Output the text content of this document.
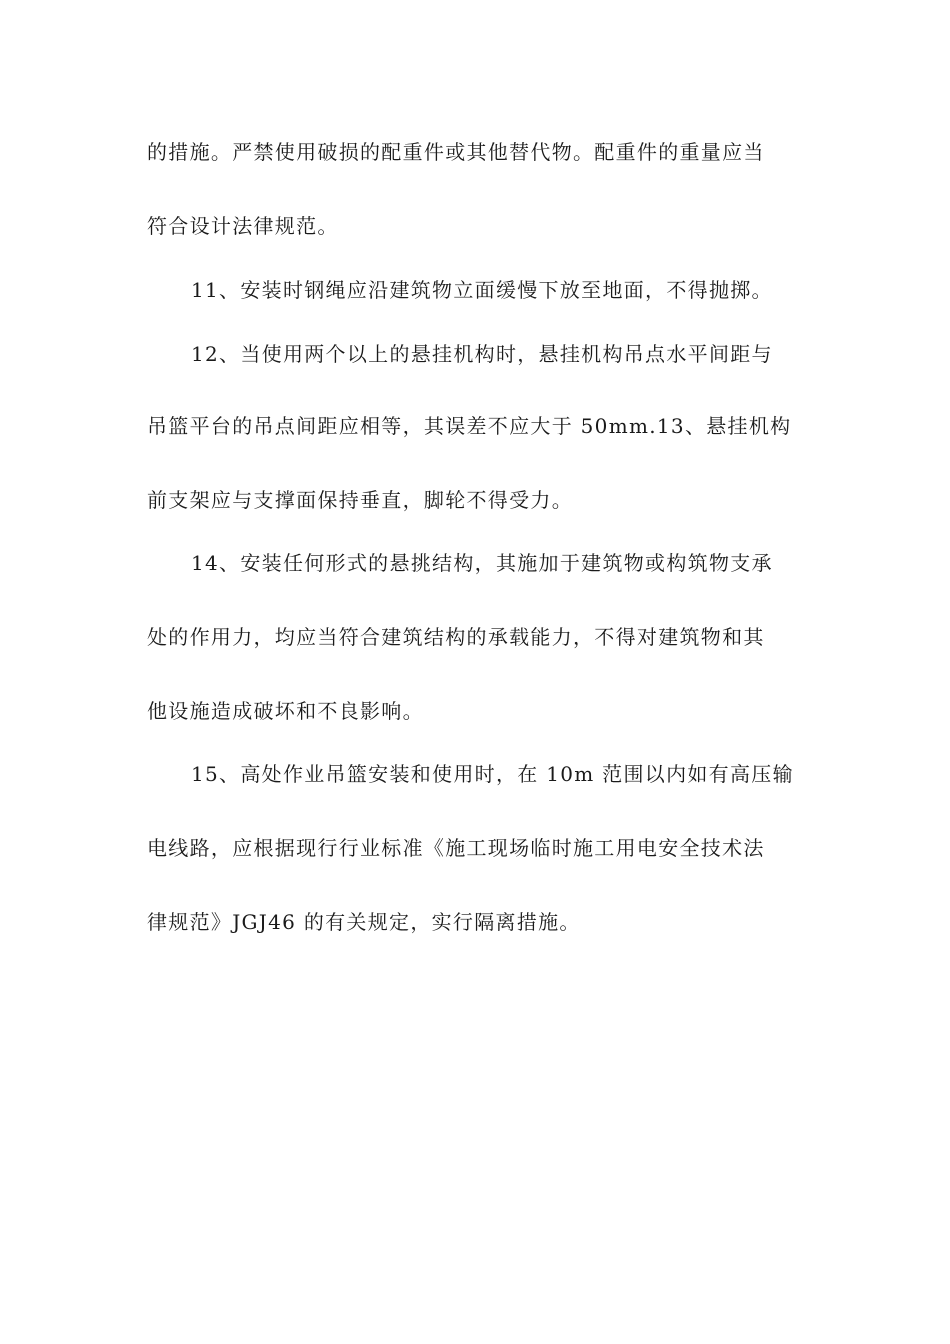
的措施。严禁使用破损的配重件或其他替代物。配重件的重量应当
符合设计法律规范。
11、安装时钢绳应沿建筑物立面缓慢下放至地面，不得抛掷。
12、当使用两个以上的悬挂机构时，悬挂机构吊点水平间距与
吊篮平台的吊点间距应相等，其误差不应大于 50mm.13、悬挂机构
前支架应与支撑面保持垂直，脚轮不得受力。
14、安装任何形式的悬挑结构，其施加于建筑物或构筑物支承
处的作用力，均应当符合建筑结构的承载能力，不得对建筑物和其
他设施造成破坏和不良影响。
15、高处作业吊篮安装和使用时，在 10m 范围以内如有高压输
电线路，应根据现行行业标准《施工现场临时施工用电安全技术法
律规范》JGJ46 的有关规定，实行隔离措施。
